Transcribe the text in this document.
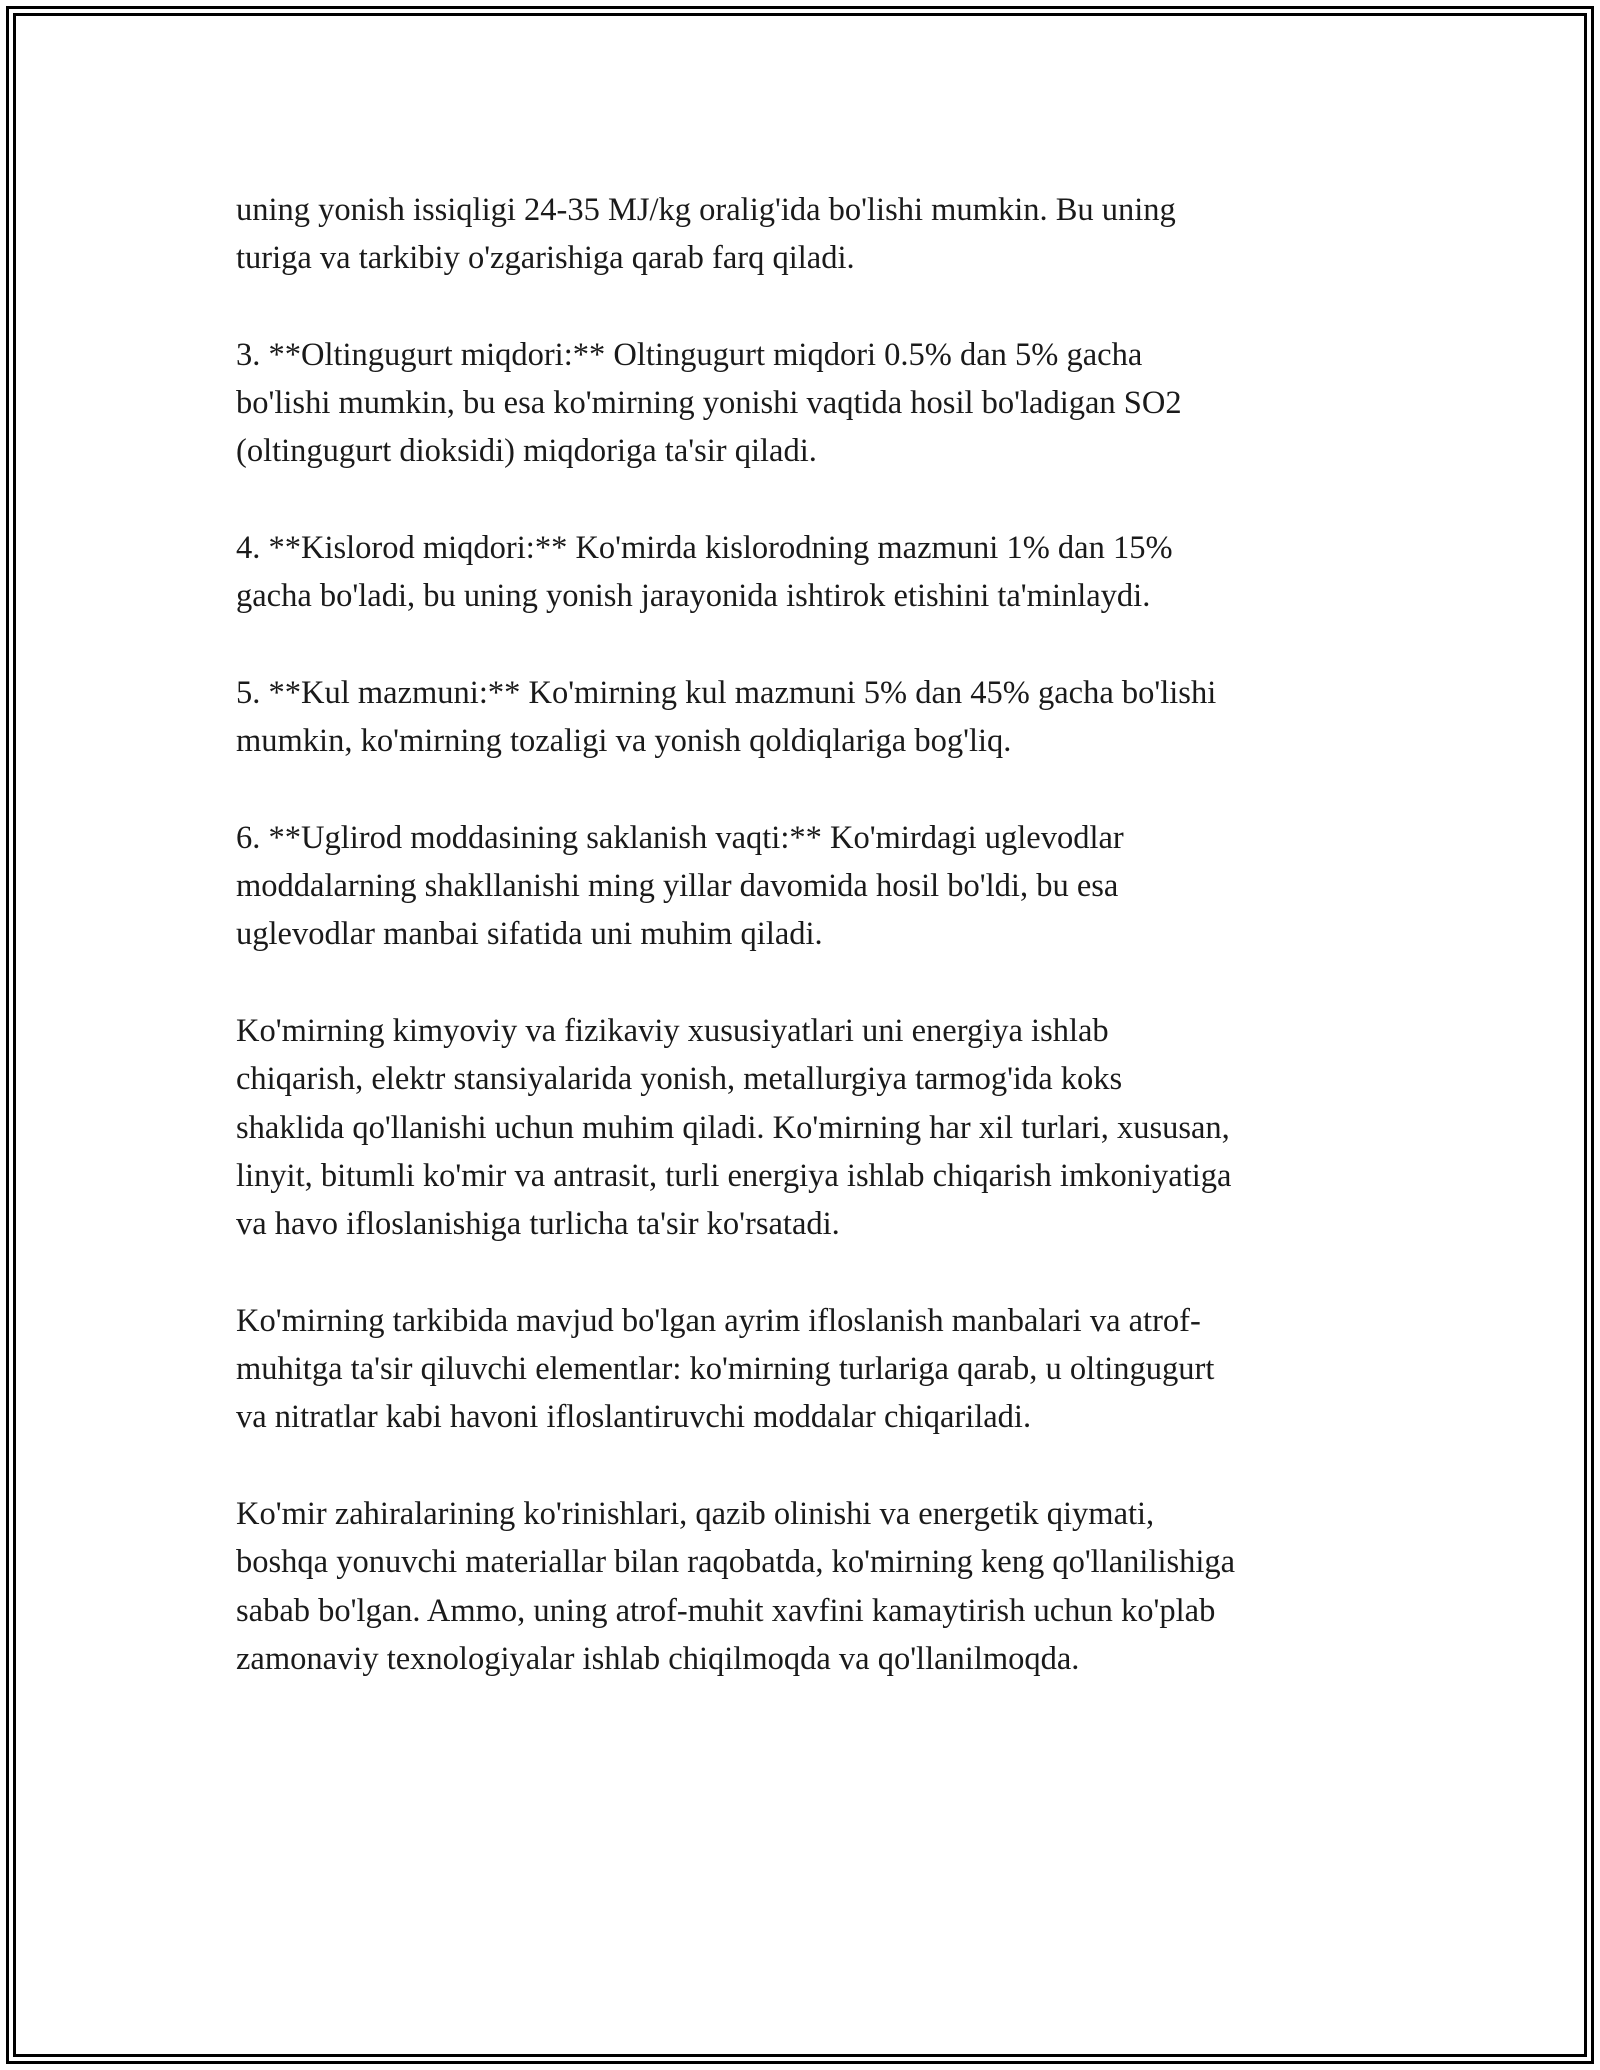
uning yonish issiqligi 24-35 MJ/kg oralig'ida bo'lishi mumkin. Bu uning
turiga va tarkibiy o'zgarishiga qarab farq qiladi.

3. **Oltingugurt miqdori:** Oltingugurt miqdori 0.5% dan 5% gacha
bo'lishi mumkin, bu esa ko'mirning yonishi vaqtida hosil bo'ladigan SO2
(oltingugurt dioksidi) miqdoriga ta'sir qiladi.

4. **Kislorod miqdori:** Ko'mirda kislorodning mazmuni 1% dan 15%
gacha bo'ladi, bu uning yonish jarayonida ishtirok etishini ta'minlaydi.

5. **Kul mazmuni:** Ko'mirning kul mazmuni 5% dan 45% gacha bo'lishi
mumkin, ko'mirning tozaligi va yonish qoldiqlariga bog'liq.

6. **Uglirod moddasining saklanish vaqti:** Ko'mirdagi uglevodlar
moddalarning shakllanishi ming yillar davomida hosil bo'ldi, bu esa
uglevodlar manbai sifatida uni muhim qiladi.

Ko'mirning kimyoviy va fizikaviy xususiyatlari uni energiya ishlab
chiqarish, elektr stansiyalarida yonish, metallurgiya tarmog'ida koks
shaklida qo'llanishi uchun muhim qiladi. Ko'mirning har xil turlari, xususan,
linyit, bitumli ko'mir va antrasit, turli energiya ishlab chiqarish imkoniyatiga
va havo ifloslanishiga turlicha ta'sir ko'rsatadi.

Ko'mirning tarkibida mavjud bo'lgan ayrim ifloslanish manbalari va atrof-
muhitga ta'sir qiluvchi elementlar: ko'mirning turlariga qarab, u oltingugurt
va nitratlar kabi havoni ifloslantiruvchi moddalar chiqariladi.

Ko'mir zahiralarining ko'rinishlari, qazib olinishi va energetik qiymati,
boshqa yonuvchi materiallar bilan raqobatda, ko'mirning keng qo'llanilishiga
sabab bo'lgan. Ammo, uning atrof-muhit xavfini kamaytirish uchun ko'plab
zamonaviy texnologiyalar ishlab chiqilmoqda va qo'llanilmoqda.
